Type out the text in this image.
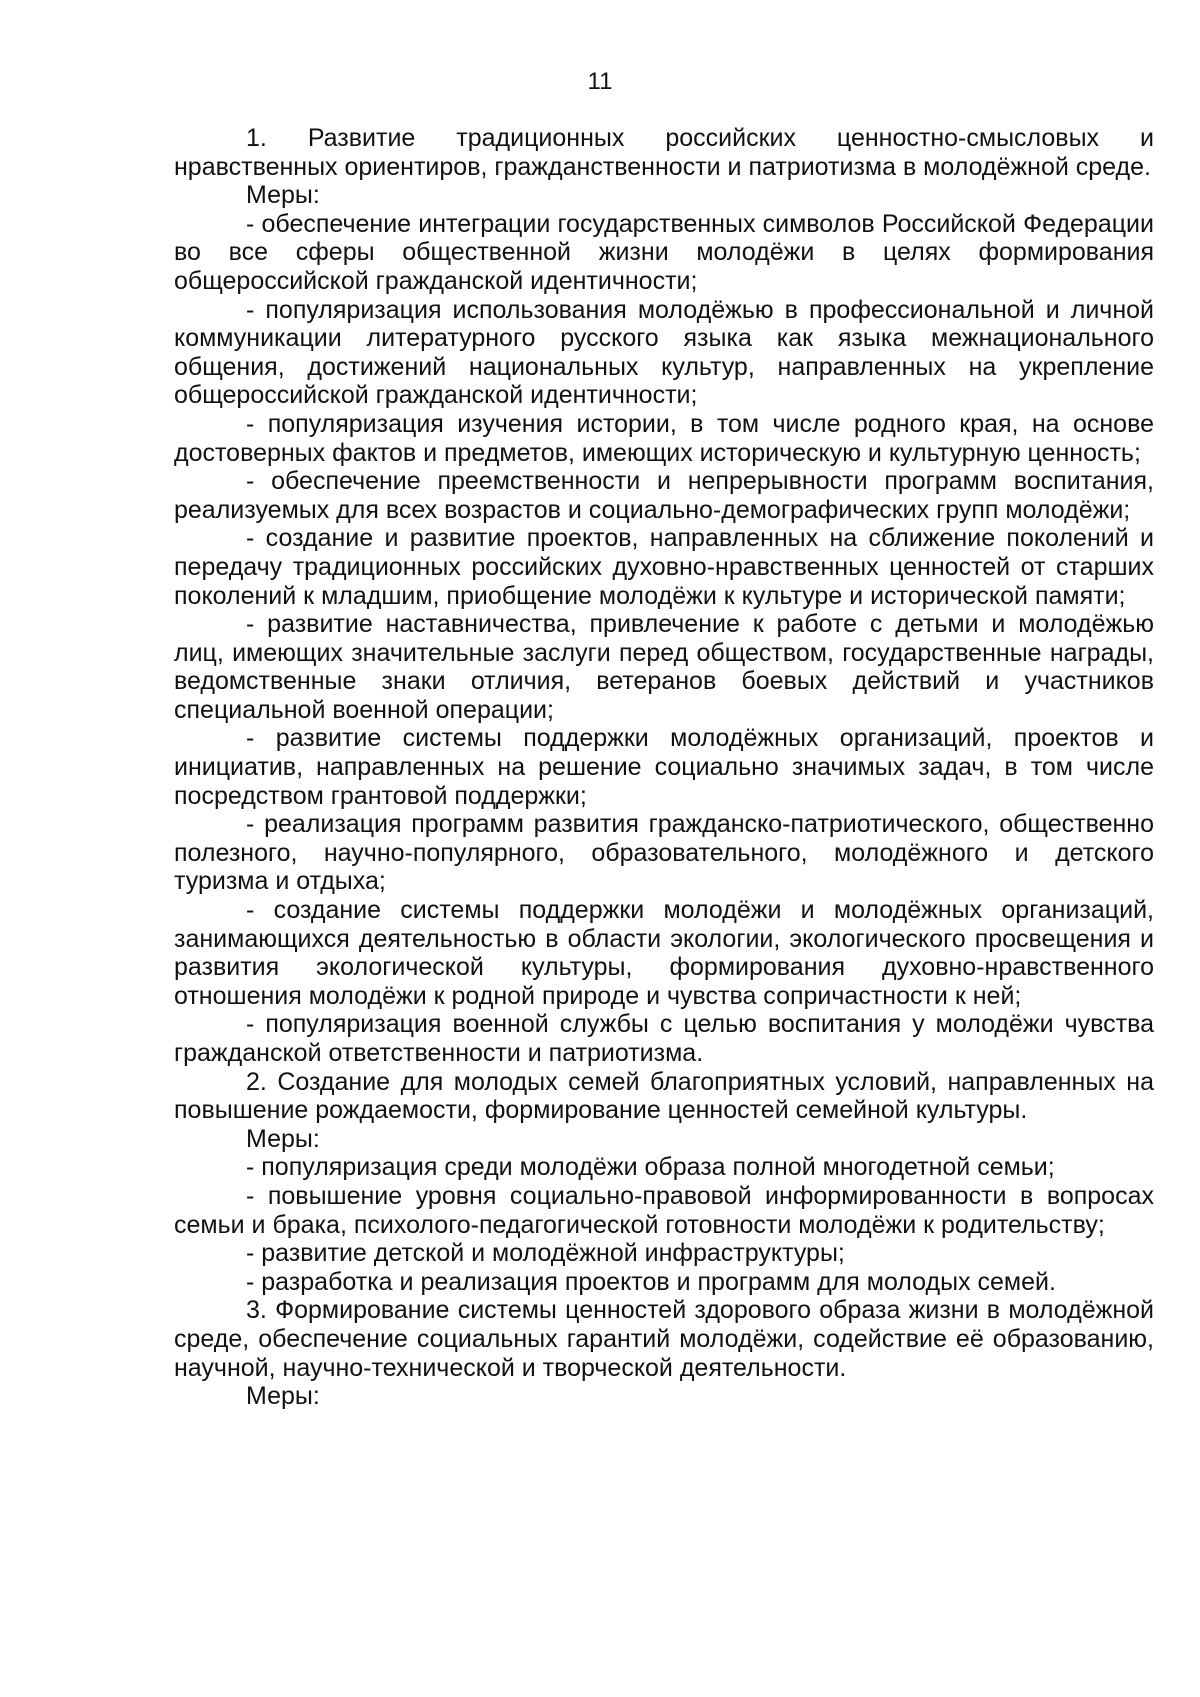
11

1. Развитие традиционных российских ценностно-смысловых и нравственных ориентиров, гражданственности и патриотизма в молодёжной среде.

Меры:

- обеспечение интеграции государственных символов Российской Федерации во все сферы общественной жизни молодёжи в целях формирования общероссийской гражданской идентичности;

- популяризация использования молодёжью в профессиональной и личной коммуникации литературного русского языка как языка межнационального общения, достижений национальных культур, направленных на укрепление общероссийской гражданской идентичности;

- популяризация изучения истории, в том числе родного края, на основе достоверных фактов и предметов, имеющих историческую и культурную ценность;

- обеспечение преемственности и непрерывности программ воспитания, реализуемых для всех возрастов и социально-демографических групп молодёжи;

- создание и развитие проектов, направленных на сближение поколений и передачу традиционных российских духовно-нравственных ценностей от старших поколений к младшим, приобщение молодёжи к культуре и исторической памяти;

- развитие наставничества, привлечение к работе с детьми и молодёжью лиц, имеющих значительные заслуги перед обществом, государственные награды, ведомственные знаки отличия, ветеранов боевых действий и участников специальной военной операции;

- развитие системы поддержки молодёжных организаций, проектов и инициатив, направленных на решение социально значимых задач, в том числе посредством грантовой поддержки;

- реализация программ развития гражданско-патриотического, общественно полезного, научно-популярного, образовательного, молодёжного и детского туризма и отдыха;

- создание системы поддержки молодёжи и молодёжных организаций, занимающихся деятельностью в области экологии, экологического просвещения и развития экологической культуры, формирования духовно-нравственного отношения молодёжи к родной природе и чувства сопричастности к ней;

- популяризация военной службы с целью воспитания у молодёжи чувства гражданской ответственности и патриотизма.

2. Создание для молодых семей благоприятных условий, направленных на повышение рождаемости, формирование ценностей семейной культуры.

Меры:

- популяризация среди молодёжи образа полной многодетной семьи;

- повышение уровня социально-правовой информированности в вопросах семьи и брака, психолого-педагогической готовности молодёжи к родительству;

- развитие детской и молодёжной инфраструктуры;

- разработка и реализация проектов и программ для молодых семей.

3. Формирование системы ценностей здорового образа жизни в молодёжной среде, обеспечение социальных гарантий молодёжи, содействие её образованию, научной, научно-технической и творческой деятельности.

Меры:
